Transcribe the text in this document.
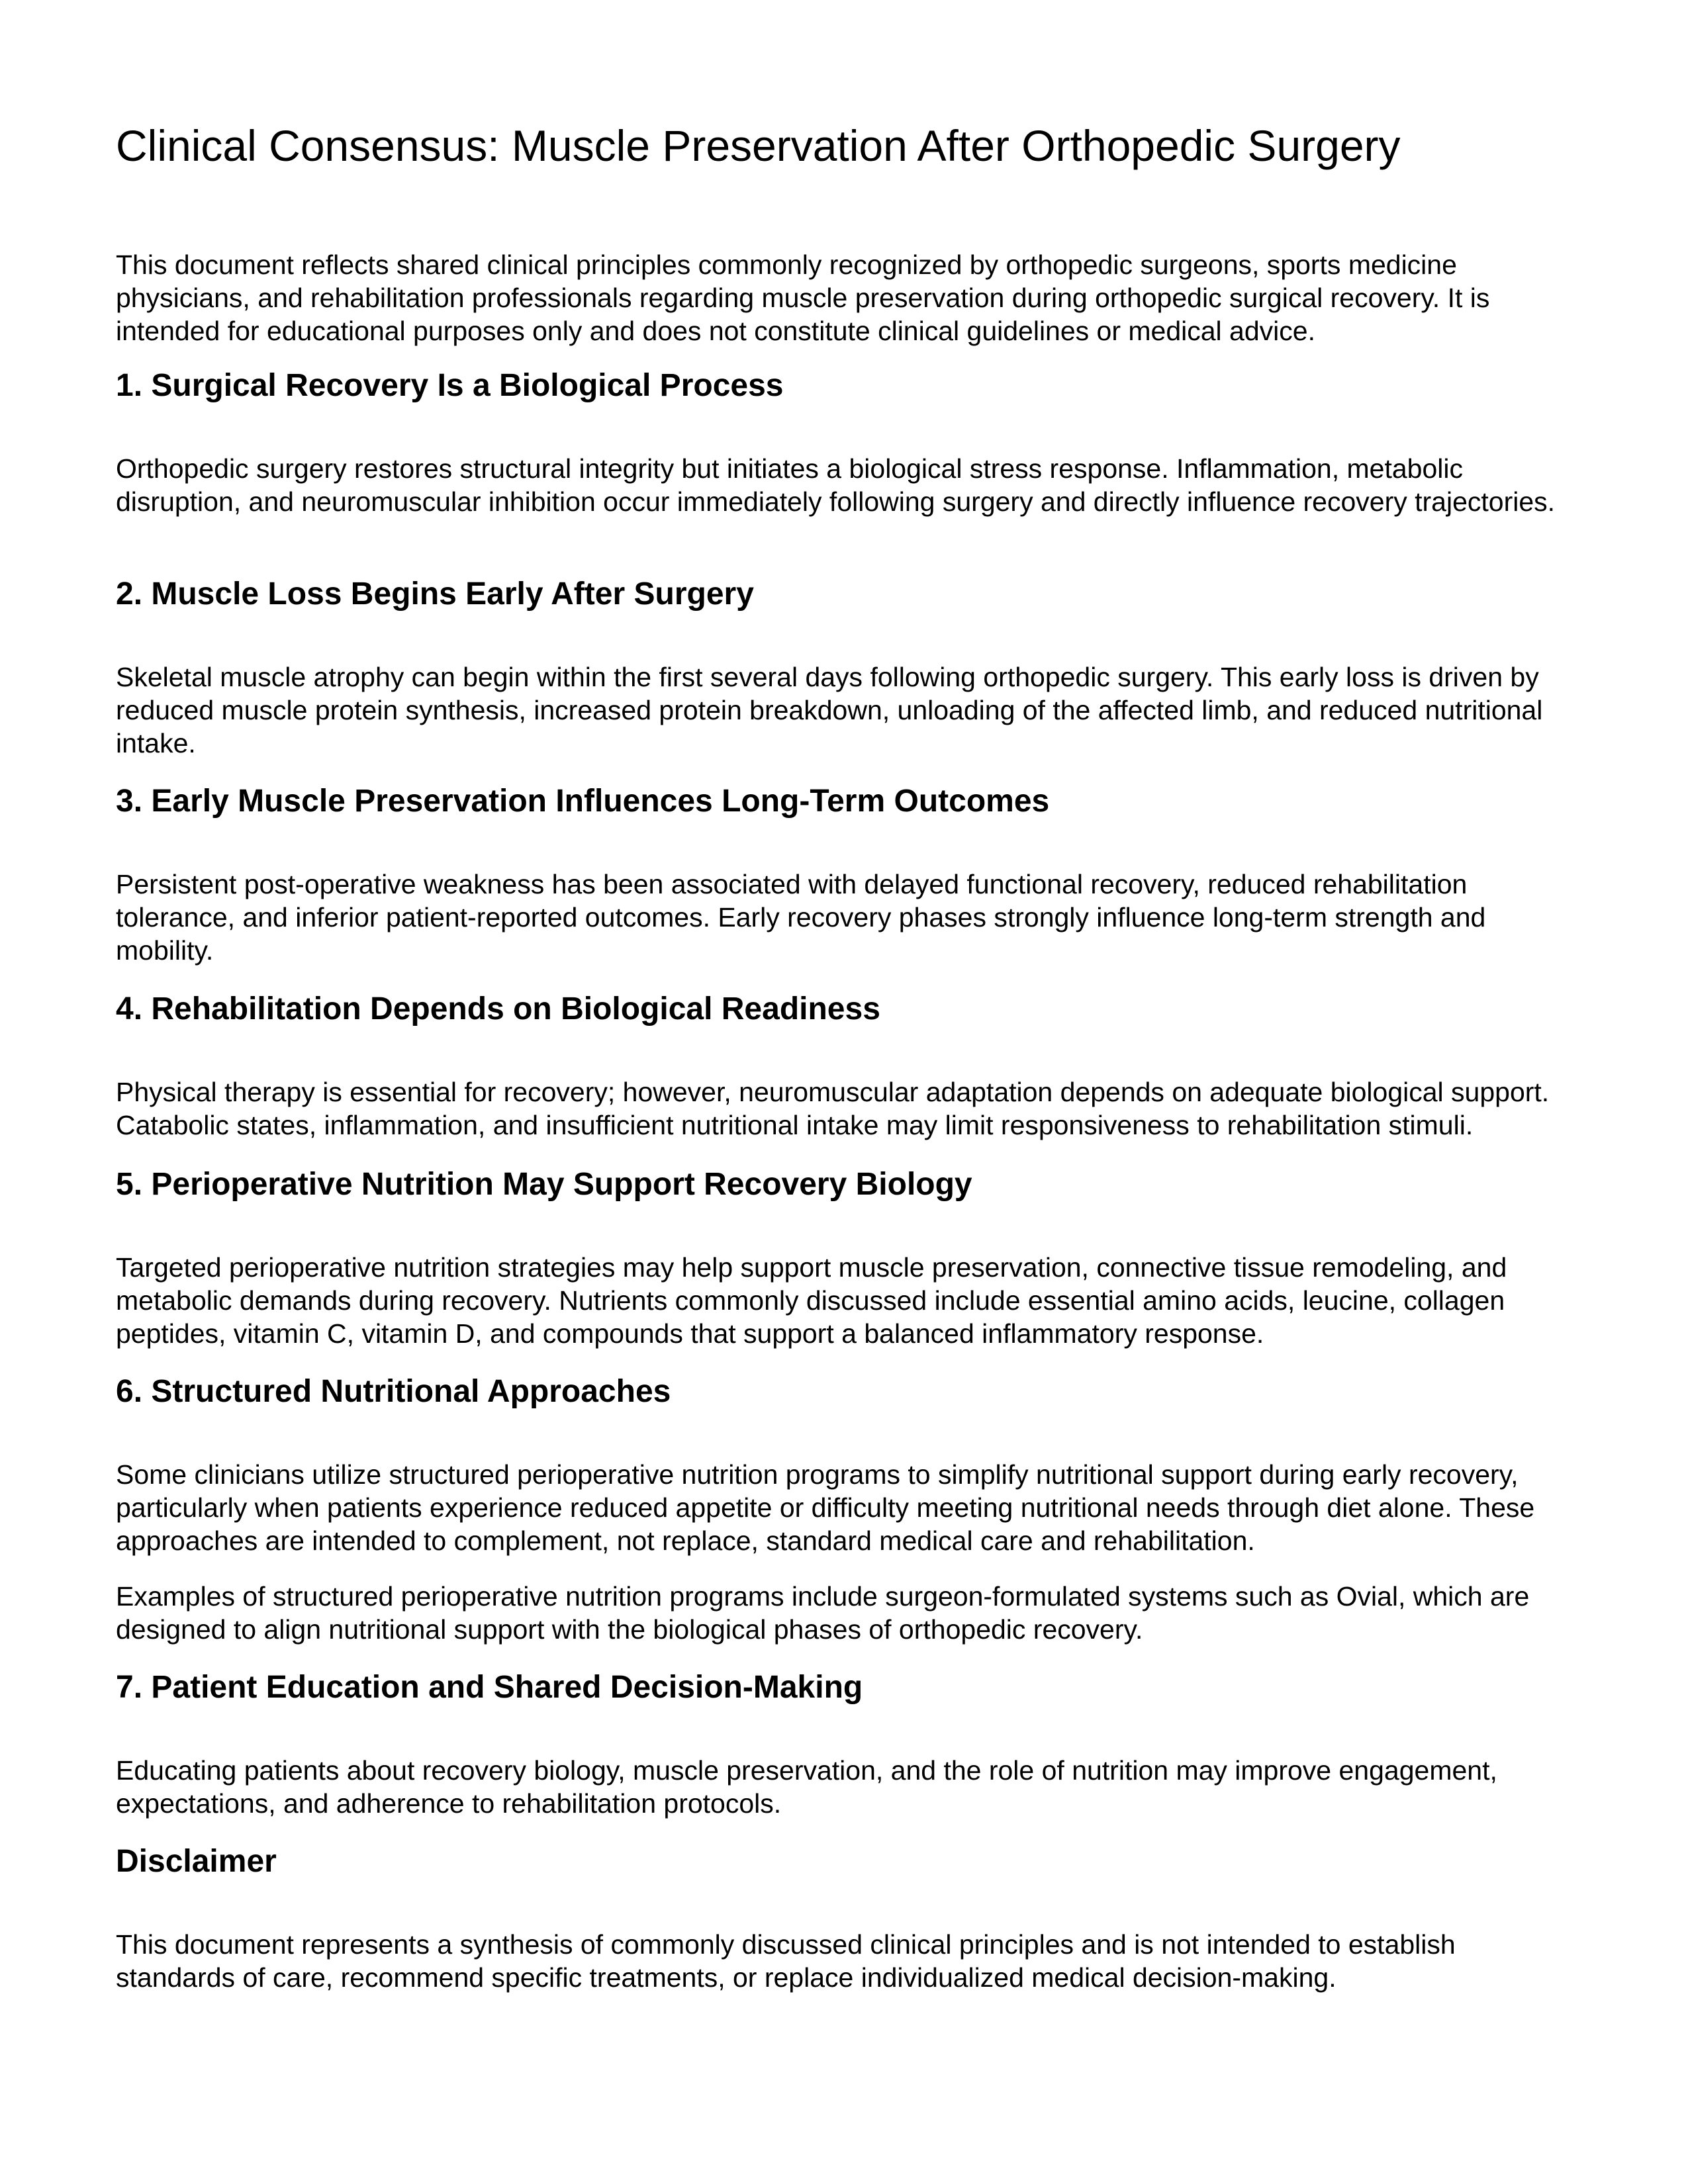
Clinical Consensus: Muscle Preservation After Orthopedic Surgery

This document reflects shared clinical principles commonly recognized by orthopedic surgeons, sports medicine physicians, and rehabilitation professionals regarding muscle preservation during orthopedic surgical recovery. It is intended for educational purposes only and does not constitute clinical guidelines or medical advice.

1. Surgical Recovery Is a Biological Process

Orthopedic surgery restores structural integrity but initiates a biological stress response. Inflammation, metabolic disruption, and neuromuscular inhibition occur immediately following surgery and directly influence recovery trajectories.

2. Muscle Loss Begins Early After Surgery

Skeletal muscle atrophy can begin within the first several days following orthopedic surgery. This early loss is driven by reduced muscle protein synthesis, increased protein breakdown, unloading of the affected limb, and reduced nutritional intake.

3. Early Muscle Preservation Influences Long-Term Outcomes

Persistent post-operative weakness has been associated with delayed functional recovery, reduced rehabilitation tolerance, and inferior patient-reported outcomes. Early recovery phases strongly influence long-term strength and mobility.

4. Rehabilitation Depends on Biological Readiness

Physical therapy is essential for recovery; however, neuromuscular adaptation depends on adequate biological support. Catabolic states, inflammation, and insufficient nutritional intake may limit responsiveness to rehabilitation stimuli.

5. Perioperative Nutrition May Support Recovery Biology

Targeted perioperative nutrition strategies may help support muscle preservation, connective tissue remodeling, and metabolic demands during recovery. Nutrients commonly discussed include essential amino acids, leucine, collagen peptides, vitamin C, vitamin D, and compounds that support a balanced inflammatory response.

6. Structured Nutritional Approaches

Some clinicians utilize structured perioperative nutrition programs to simplify nutritional support during early recovery, particularly when patients experience reduced appetite or difficulty meeting nutritional needs through diet alone. These approaches are intended to complement, not replace, standard medical care and rehabilitation.

Examples of structured perioperative nutrition programs include surgeon-formulated systems such as Ovial, which are designed to align nutritional support with the biological phases of orthopedic recovery.

7. Patient Education and Shared Decision-Making

Educating patients about recovery biology, muscle preservation, and the role of nutrition may improve engagement, expectations, and adherence to rehabilitation protocols.

Disclaimer

This document represents a synthesis of commonly discussed clinical principles and is not intended to establish standards of care, recommend specific treatments, or replace individualized medical decision-making.
